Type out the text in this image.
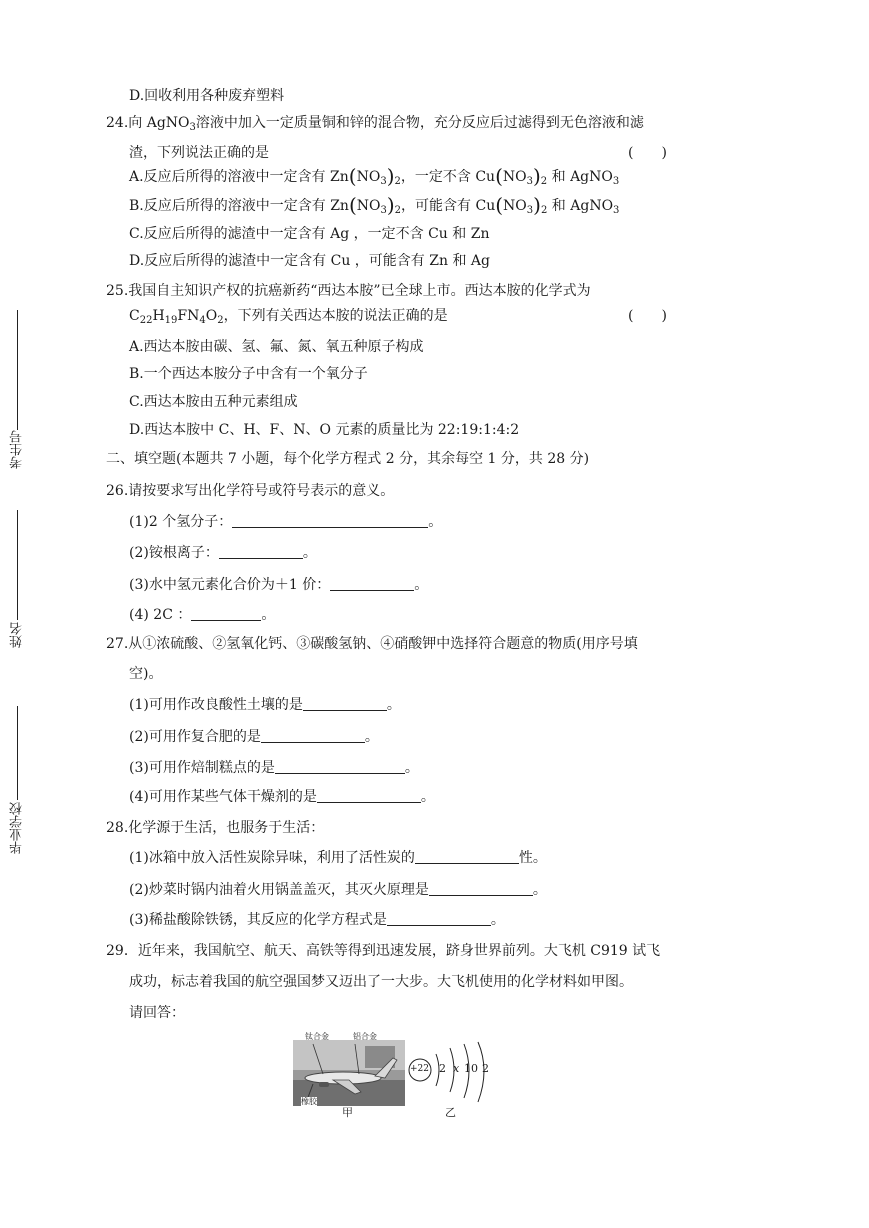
考生号
姓名
毕业学校
D.回收利用各种废弃塑料
24.向 AgNO$_3$溶液中加入一定质量铜和锌的混合物，充分反应后过滤得到无色溶液和滤
渣，下列说法正确的是	(　　)
A.反应后所得的溶液中一定含有 $Zn(NO_3)_2$，一定不含 $Cu(NO_3)_2$ 和 AgNO$_3$
B.反应后所得的溶液中一定含有 $Zn(NO_3)_2$，可能含有 $Cu(NO_3)_2$ 和 AgNO$_3$
C.反应后所得的滤渣中一定含有 Ag ，一定不含 Cu 和 Zn
D.反应后所得的滤渣中一定含有 Cu ，可能含有 Zn 和 Ag
25.我国自主知识产权的抗癌新药“西达本胺”已全球上市。西达本胺的化学式为
$C_{22}H_{19}FN_4O_2$，下列有关西达本胺的说法正确的是	(　　)
A.西达本胺由碳、氢、氟、氮、氧五种原子构成
B.一个西达本胺分子中含有一个氧分子
C.西达本胺由五种元素组成
D.西达本胺中 C、H、F、N、O 元素的质量比为 22:19:1:4:2
二、填空题(本题共 7 小题，每个化学方程式 2 分，其余每空 1 分，共 28 分)
26.请按要求写出化学符号或符号表示的意义。
(1)2 个氢分子：	。
(2)铵根离子：	。
(3)水中氢元素化合价为＋1 价：	。
(4) 2C ：	。
27.从①浓硫酸、②氢氧化钙、③碳酸氢钠、④硝酸钾中选择符合题意的物质(用序号填
空)。
(1)可用作改良酸性土壤的是	。
(2)可用作复合肥的是	。
(3)可用作焙制糕点的是	。
(4)可用作某些气体干燥剂的是	。
28.化学源于生活，也服务于生活：
(1)冰箱中放入活性炭除异味，利用了活性炭的	性。
(2)炒菜时锅内油着火用锅盖盖灭，其灭火原理是	。
(3)稀盐酸除铁锈，其反应的化学方程式是	。
29．近年来，我国航空、航天、高铁等得到迅速发展，跻身世界前列。大飞机 C919 试飞
成功，标志着我国的航空强国梦又迈出了一大步。大飞机使用的化学材料如甲图。
请回答：
钛合金	铝合金
橡胶
甲
+22 2 x 10 2
乙
